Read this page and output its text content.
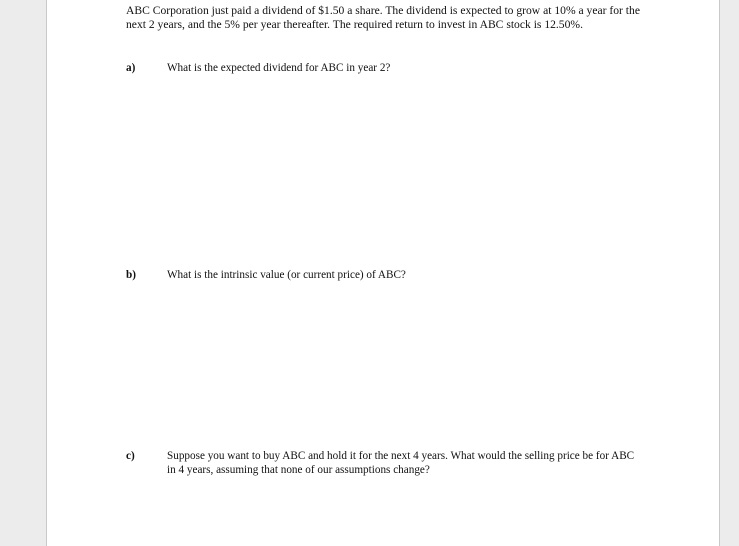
ABC Corporation just paid a dividend of $1.50 a share. The dividend is expected to grow at 10% a year for the next 2 years, and the 5% per year thereafter. The required return to invest in ABC stock is 12.50%.

a)	What is the expected dividend for ABC in year 2?
b)	What is the intrinsic value (or current price) of ABC?
c)	Suppose you want to buy ABC and hold it for the next 4 years. What would the selling price be for ABC in 4 years, assuming that none of our assumptions change?
